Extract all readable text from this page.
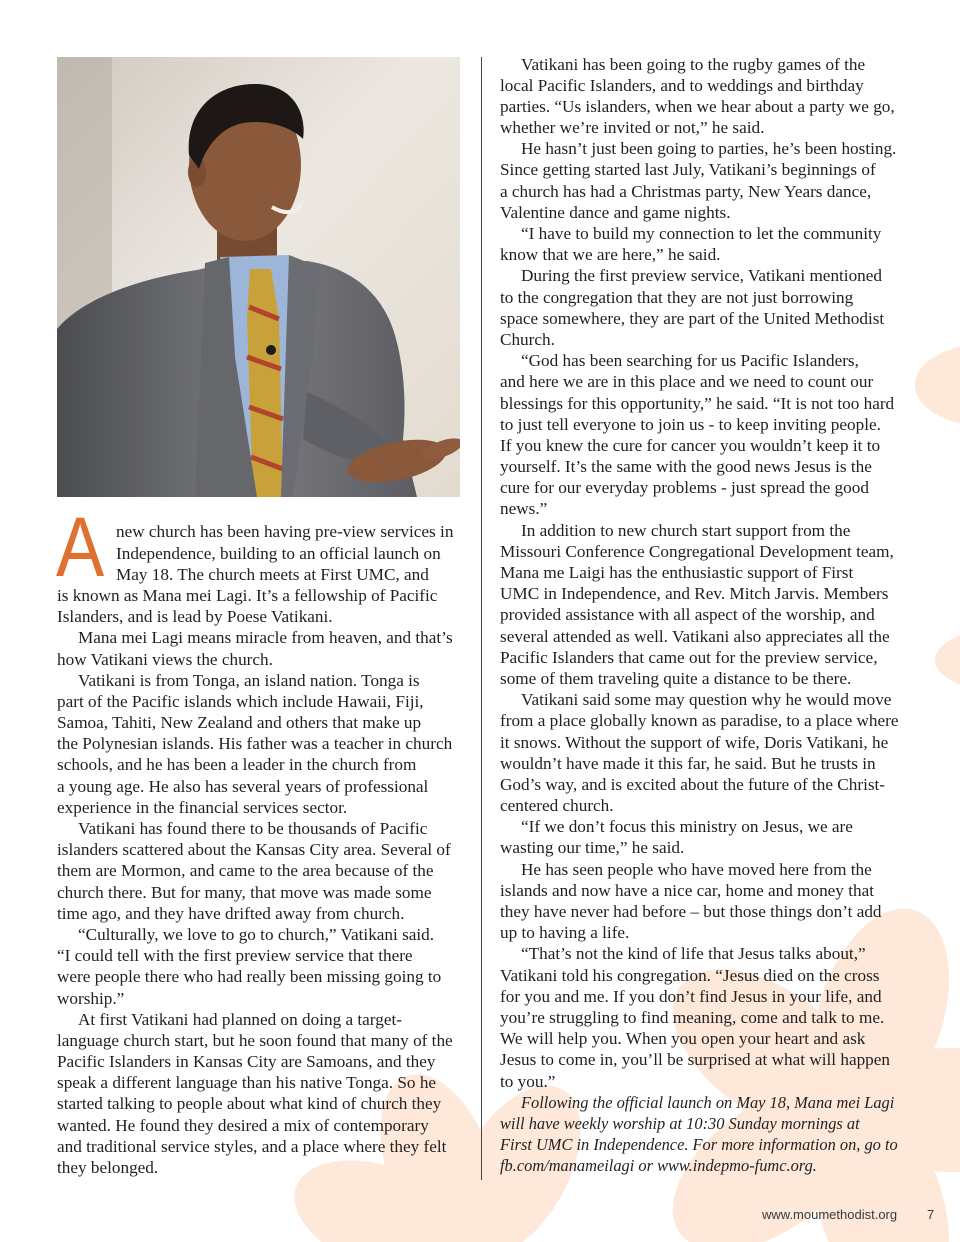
A new church has been having pre-view services in
Independence, building to an official launch on
May 18. The church meets at First UMC, and
is known as Mana mei Lagi. It’s a fellowship of Pacific
Islanders, and is lead by Poese Vatikani.
Mana mei Lagi means miracle from heaven, and that’s
how Vatikani views the church.
Vatikani is from Tonga, an island nation. Tonga is
part of the Pacific islands which include Hawaii, Fiji,
Samoa, Tahiti, New Zealand and others that make up
the Polynesian islands. His father was a teacher in church
schools, and he has been a leader in the church from
a young age. He also has several years of professional
experience in the financial services sector.
Vatikani has found there to be thousands of Pacific
islanders scattered about the Kansas City area. Several of
them are Mormon, and came to the area because of the
church there. But for many, that move was made some
time ago, and they have drifted away from church.
“Culturally, we love to go to church,” Vatikani said.
“I could tell with the first preview service that there
were people there who had really been missing going to
worship.”
At first Vatikani had planned on doing a target-
language church start, but he soon found that many of the
Pacific Islanders in Kansas City are Samoans, and they
speak a different language than his native Tonga. So he
started talking to people about what kind of church they
wanted. He found they desired a mix of contemporary
and traditional service styles, and a place where they felt
they belonged.
Vatikani has been going to the rugby games of the
local Pacific Islanders, and to weddings and birthday
parties. “Us islanders, when we hear about a party we go,
whether we’re invited or not,” he said.
He hasn’t just been going to parties, he’s been hosting.
Since getting started last July, Vatikani’s beginnings of
a church has had a Christmas party, New Years dance,
Valentine dance and game nights.
“I have to build my connection to let the community
know that we are here,” he said.
During the first preview service, Vatikani mentioned
to the congregation that they are not just borrowing
space somewhere, they are part of the United Methodist
Church.
“God has been searching for us Pacific Islanders,
and here we are in this place and we need to count our
blessings for this opportunity,” he said. “It is not too hard
to just tell everyone to join us - to keep inviting people.
If you knew the cure for cancer you wouldn’t keep it to
yourself. It’s the same with the good news Jesus is the
cure for our everyday problems - just spread the good
news.”
In addition to new church start support from the
Missouri Conference Congregational Development team,
Mana me Laigi has the enthusiastic support of First
UMC in Independence, and Rev. Mitch Jarvis. Members
provided assistance with all aspect of the worship, and
several attended as well. Vatikani also appreciates all the
Pacific Islanders that came out for the preview service,
some of them traveling quite a distance to be there.
Vatikani said some may question why he would move
from a place globally known as paradise, to a place where
it snows. Without the support of wife, Doris Vatikani, he
wouldn’t have made it this far, he said. But he trusts in
God’s way, and is excited about the future of the Christ-
centered church.
“If we don’t focus this ministry on Jesus, we are
wasting our time,” he said.
He has seen people who have moved here from the
islands and now have a nice car, home and money that
they have never had before – but those things don’t add
up to having a life.
“That’s not the kind of life that Jesus talks about,”
Vatikani told his congregation. “Jesus died on the cross
for you and me. If you don’t find Jesus in your life, and
you’re struggling to find meaning, come and talk to me.
We will help you. When you open your heart and ask
Jesus to come in, you’ll be surprised at what will happen
to you.”
Following the official launch on May 18, Mana mei Lagi
will have weekly worship at 10:30 Sunday mornings at
First UMC in Independence. For more information on, go to
fb.com/manameilagi or www.indepmo-fumc.org.
www.moumethodist.org 7
